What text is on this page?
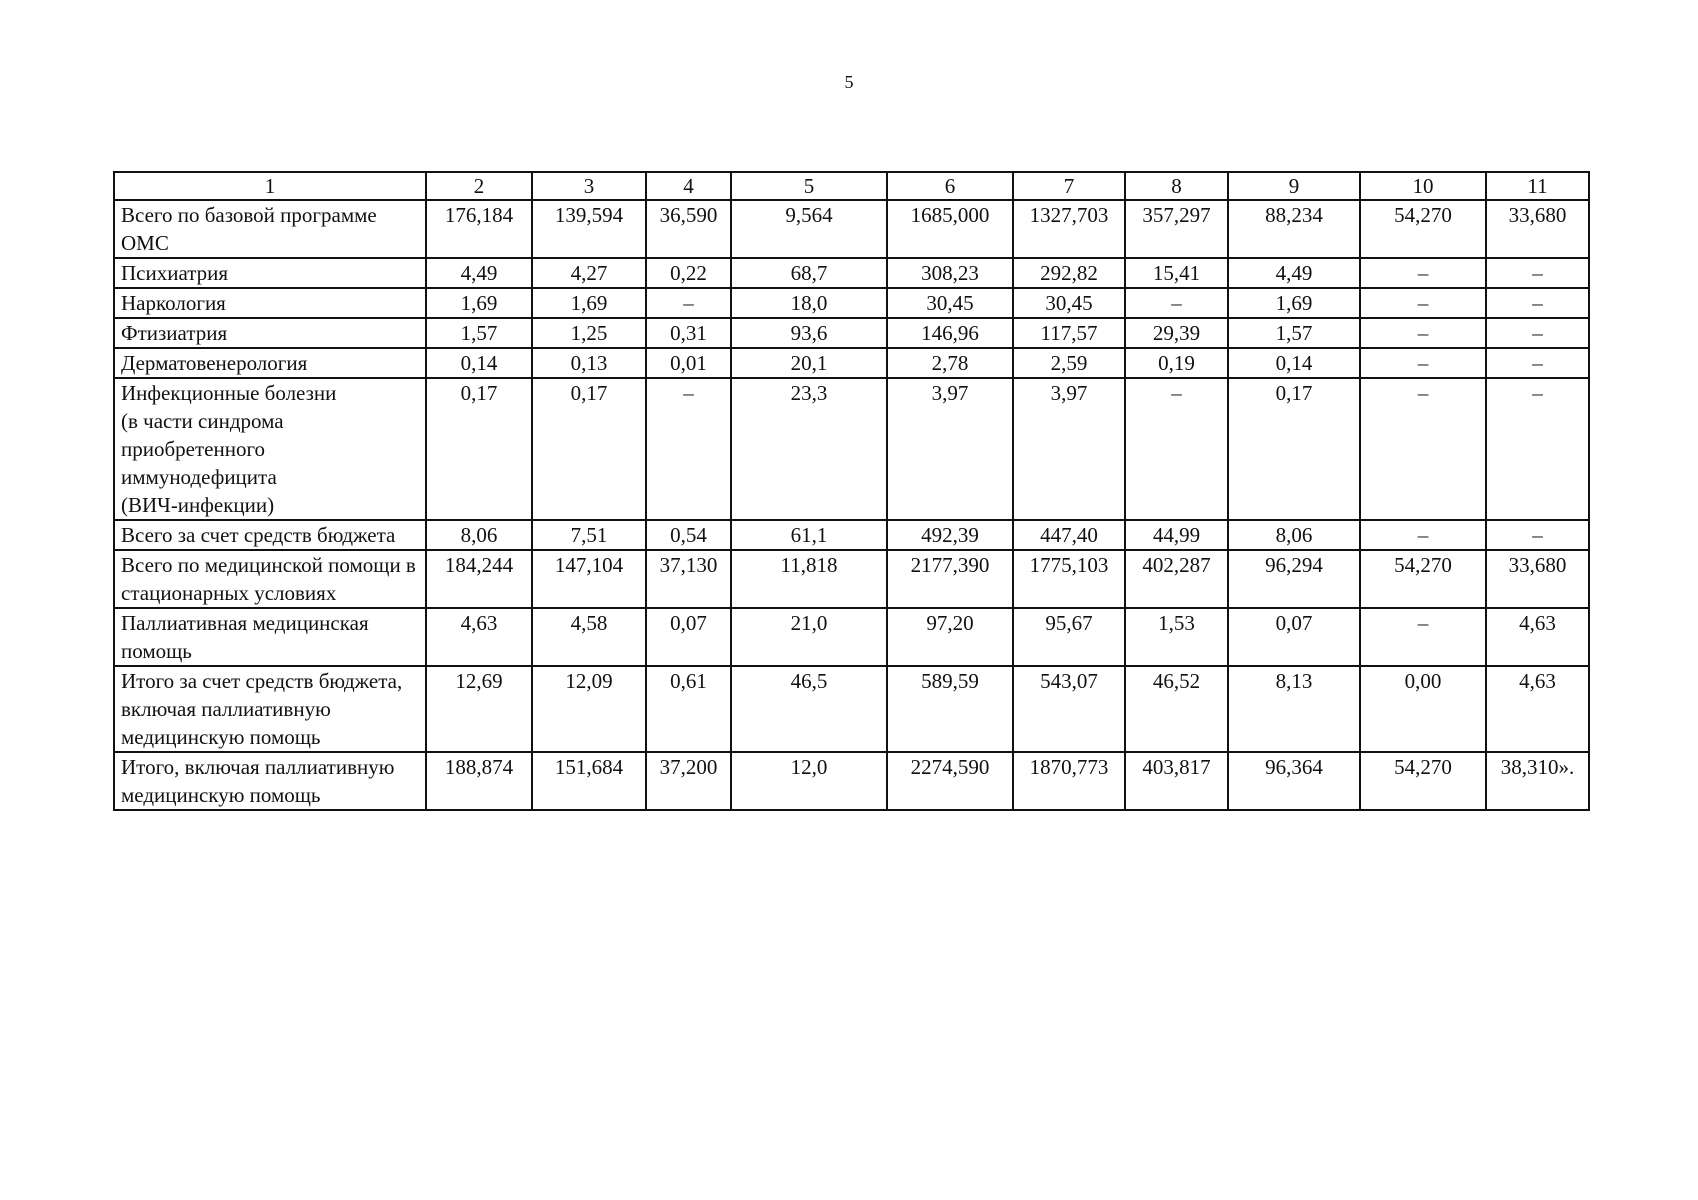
5
1	2	3	4	5	6	7	8	9	10	11
Всего по базовой программе ОМС	176,184	139,594	36,590	9,564	1685,000	1327,703	357,297	88,234	54,270	33,680
Психиатрия	4,49	4,27	0,22	68,7	308,23	292,82	15,41	4,49	–	–
Наркология	1,69	1,69	–	18,0	30,45	30,45	–	1,69	–	–
Фтизиатрия	1,57	1,25	0,31	93,6	146,96	117,57	29,39	1,57	–	–
Дерматовенерология	0,14	0,13	0,01	20,1	2,78	2,59	0,19	0,14	–	–
Инфекционные болезни
(в части синдрома
приобретенного
иммунодефицита
(ВИЧ-инфекции)	0,17	0,17	–	23,3	3,97	3,97	–	0,17	–	–
Всего за счет средств бюджета	8,06	7,51	0,54	61,1	492,39	447,40	44,99	8,06	–	–
Всего по медицинской помощи в стационарных условиях	184,244	147,104	37,130	11,818	2177,390	1775,103	402,287	96,294	54,270	33,680
Паллиативная медицинская помощь	4,63	4,58	0,07	21,0	97,20	95,67	1,53	0,07	–	4,63
Итого за счет средств бюджета, включая паллиативную медицинскую помощь	12,69	12,09	0,61	46,5	589,59	543,07	46,52	8,13	0,00	4,63
Итого, включая паллиативную медицинскую помощь	188,874	151,684	37,200	12,0	2274,590	1870,773	403,817	96,364	54,270	38,310».
